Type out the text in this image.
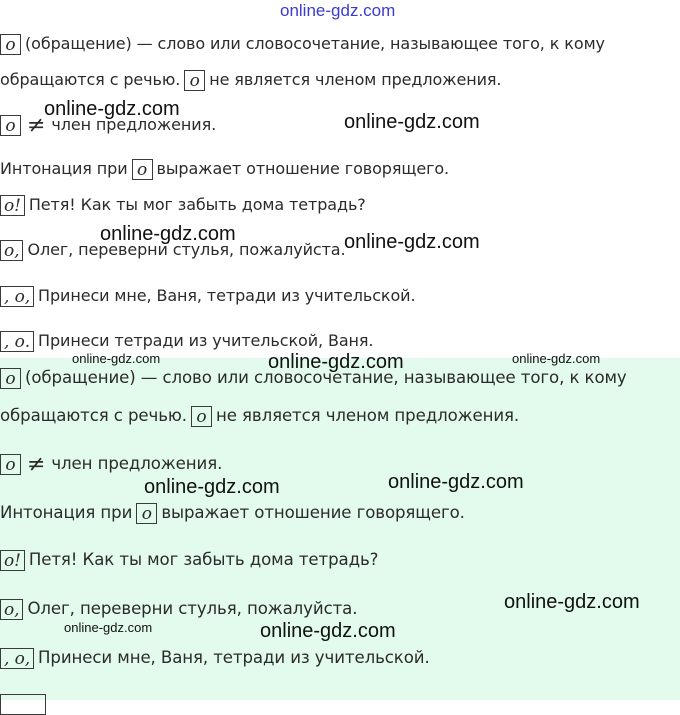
online-gdz.com
о (обращение) — слово или словосочетание, называющее того, к кому
обращаются с речью. о не является членом предложения.
о ≠ член предложения.
Интонация при о выражает отношение говорящего.
о! Петя! Как ты мог забыть дома тетрадь?
о, Олег, переверни стулья, пожалуйста.
, о, Принеси мне, Ваня, тетради из учительской.
, о. Принеси тетради из учительской, Ваня.
о (обращение) — слово или словосочетание, называющее того, к кому
обращаются с речью. о не является членом предложения.
о ≠ член предложения.
Интонация при о выражает отношение говорящего.
о! Петя! Как ты мог забыть дома тетрадь?
о, Олег, переверни стулья, пожалуйста.
, о, Принеси мне, Ваня, тетради из учительской.
online-gdz.com
online-gdz.com
online-gdz.com	online-gdz.com
online-gdz.com	online-gdz.com	online-gdz.com
online-gdz.com	online-gdz.com
online-gdz.com
online-gdz.com	online-gdz.com
